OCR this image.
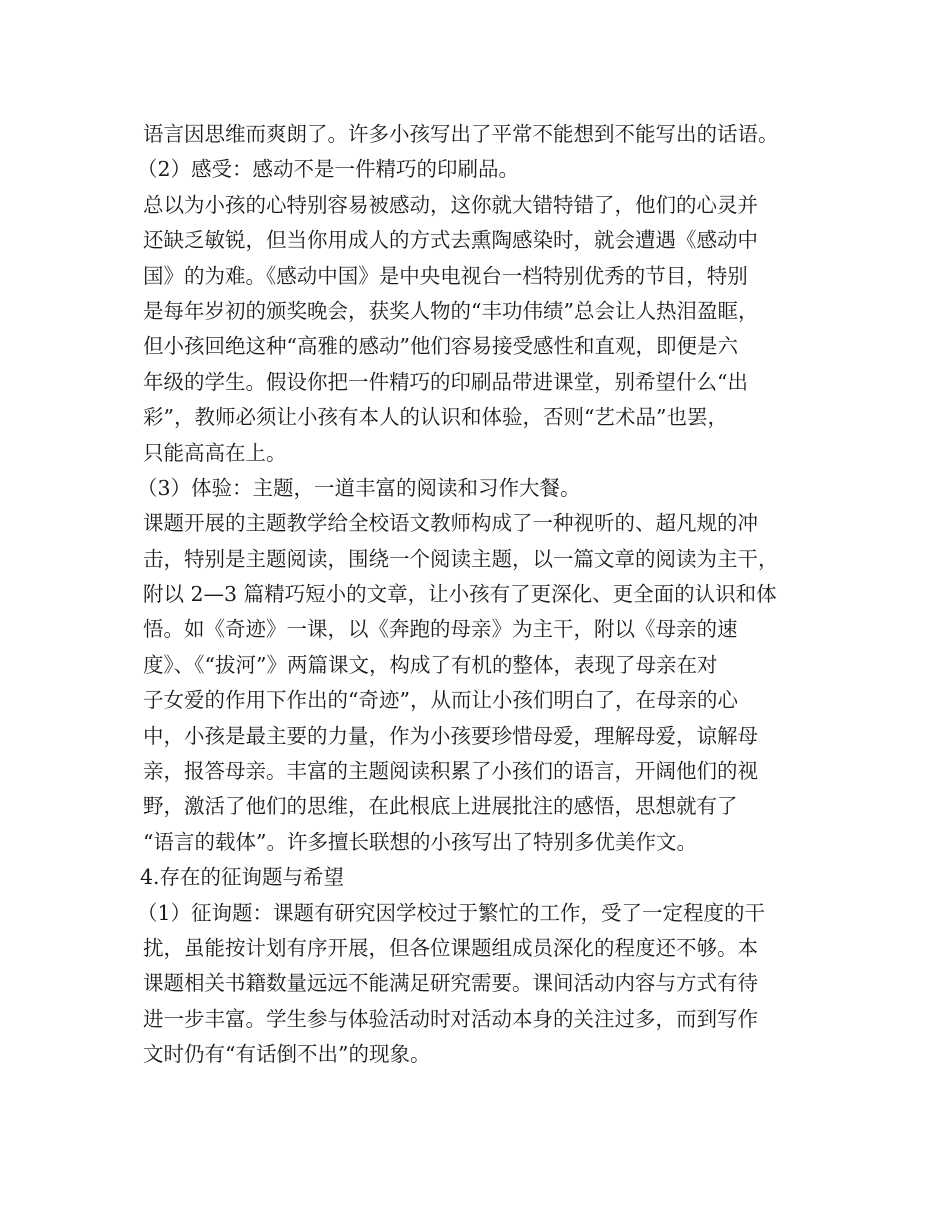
语言因思维而爽朗了。许多小孩写出了平常不能想到不能写出的话语。
（2）感受：感动不是一件精巧的印刷品。
总以为小孩的心特别容易被感动，这你就大错特错了，他们的心灵并
还缺乏敏锐，但当你用成人的方式去熏陶感染时，就会遭遇《感动中
国》的为难。《感动中国》是中央电视台一档特别优秀的节目，特别
是每年岁初的颁奖晚会，获奖人物的“丰功伟绩”总会让人热泪盈眶，
但小孩回绝这种“高雅的感动”他们容易接受感性和直观，即便是六
年级的学生。假设你把一件精巧的印刷品带进课堂，别希望什么“出
彩”，教师必须让小孩有本人的认识和体验，否则“艺术品”也罢，
只能高高在上。
（3）体验：主题，一道丰富的阅读和习作大餐。
课题开展的主题教学给全校语文教师构成了一种视听的、超凡规的冲
击，特别是主题阅读，围绕一个阅读主题，以一篇文章的阅读为主干，
附以 2—3 篇精巧短小的文章，让小孩有了更深化、更全面的认识和体
悟。如《奇迹》一课，以《奔跑的母亲》为主干，附以《母亲的速
度》、《“拔河”》两篇课文，构成了有机的整体，表现了母亲在对
子女爱的作用下作出的“奇迹”，从而让小孩们明白了，在母亲的心
中，小孩是最主要的力量，作为小孩要珍惜母爱，理解母爱，谅解母
亲，报答母亲。丰富的主题阅读积累了小孩们的语言，开阔他们的视
野，激活了他们的思维，在此根底上进展批注的感悟，思想就有了
“语言的载体”。许多擅长联想的小孩写出了特别多优美作文。
4.存在的征询题与希望
（1）征询题：课题有研究因学校过于繁忙的工作，受了一定程度的干
扰，虽能按计划有序开展，但各位课题组成员深化的程度还不够。本
课题相关书籍数量远远不能满足研究需要。课间活动内容与方式有待
进一步丰富。学生参与体验活动时对活动本身的关注过多，而到写作
文时仍有“有话倒不出”的现象。
